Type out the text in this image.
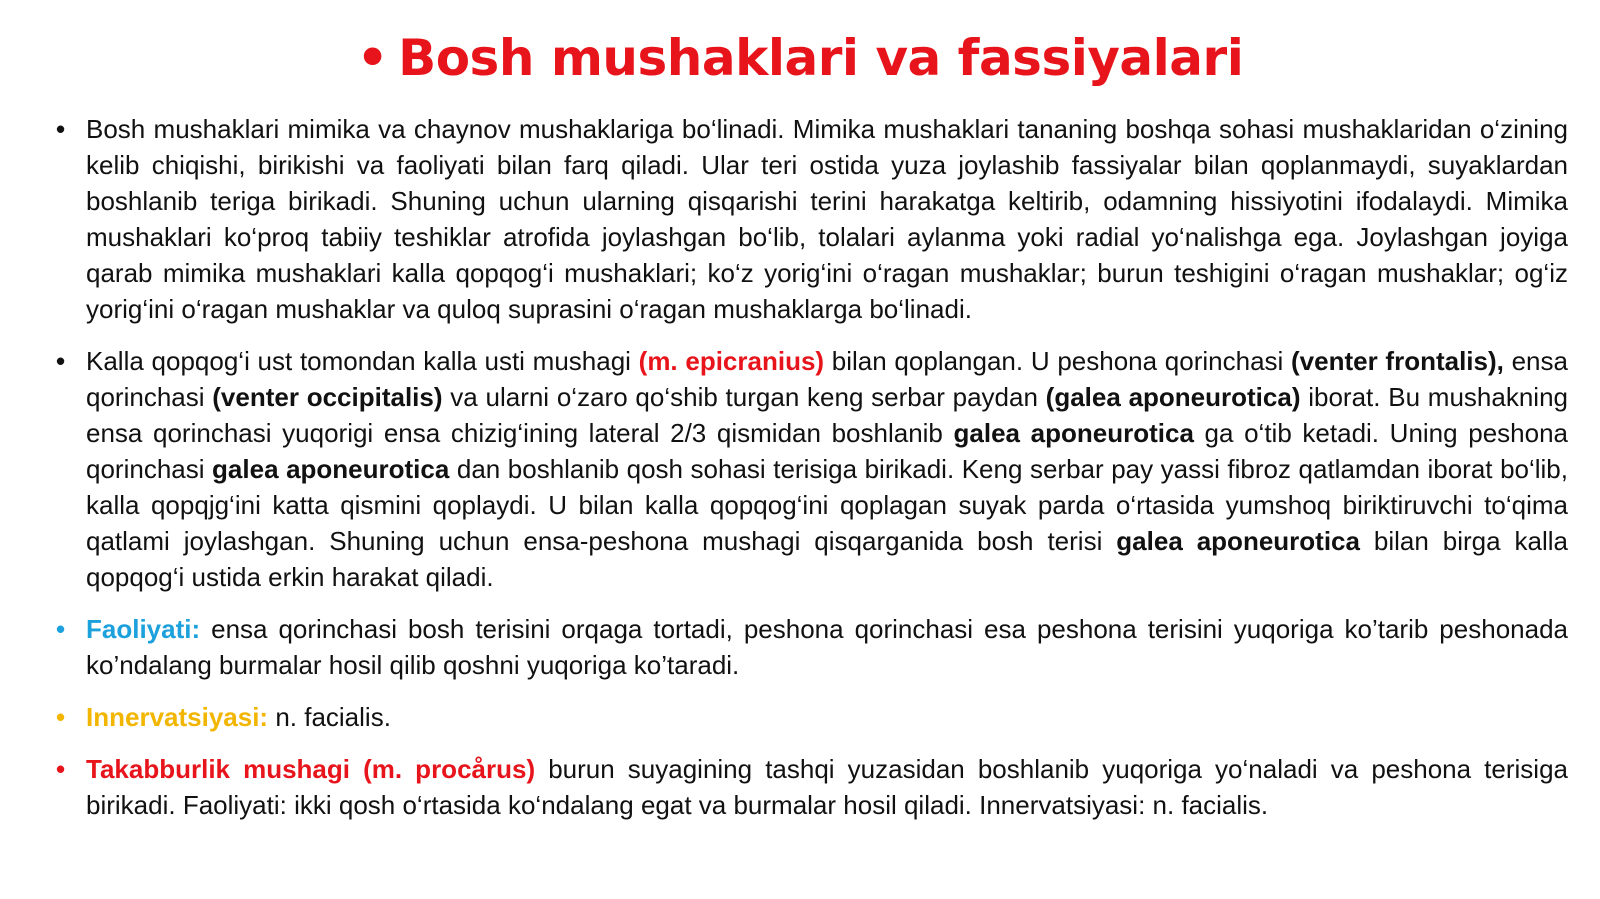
• Bosh mushaklari va fassiyalari
• Bosh mushaklari mimika va chaynov mushaklariga bo‘linadi. Mimika mushaklari tananing boshqa sohasi mushaklaridan o‘zining kelib chiqishi, birikishi va faoliyati bilan farq qiladi. Ular teri ostida yuza joylashib fassiyalar bilan qoplanmaydi, suyaklardan boshlanib teriga birikadi. Shuning uchun ularning qisqarishi terini harakatga keltirib, odamning hissiyotini ifodalaydi. Mimika mushaklari ko‘proq tabiiy teshiklar atrofida joylashgan bo‘lib, tolalari aylanma yoki radial yo‘nalishga ega. Joylashgan joyiga qarab mimika mushaklari kalla qopqog‘i mushaklari; ko‘z yorig‘ini o‘ragan mushaklar; burun teshigini o‘ragan mushaklar; og‘iz yorig‘ini o‘ragan mushaklar va quloq suprasini o‘ragan mushaklarga bo‘linadi.
• Kalla qopqog‘i ust tomondan kalla usti mushagi (m. epicranius) bilan qoplangan. U peshona qorinchasi (venter frontalis), ensa qorinchasi (venter occipitalis) va ularni o‘zaro qo‘shib turgan keng serbar paydan (galea aponeurotica) iborat. Bu mushakning ensa qorinchasi yuqorigi ensa chizig‘ining lateral 2/3 qismidan boshlanib galea aponeurotica ga o‘tib ketadi. Uning peshona qorinchasi galea aponeurotica dan boshlanib qosh sohasi terisiga birikadi. Keng serbar pay yassi fibroz qatlamdan iborat bo‘lib, kalla qopqjg‘ini katta qismini qoplaydi. U bilan kalla qopqog‘ini qoplagan suyak parda o‘rtasida yumshoq biriktiruvchi to‘qima qatlami joylashgan. Shuning uchun ensa-peshona mushagi qisqarganida bosh terisi galea aponeurotica bilan birga kalla qopqog‘i ustida erkin harakat qiladi.
• Faoliyati: ensa qorinchasi bosh terisini orqaga tortadi, peshona qorinchasi esa peshona terisini yuqoriga ko’tarib peshonada ko’ndalang burmalar hosil qilib qoshni yuqoriga ko’taradi.
• Innervatsiyasi: n. facialis.
• Takabburlik mushagi (m. procårus) burun suyagining tashqi yuzasidan boshlanib yuqoriga yo‘naladi va peshona terisiga birikadi. Faoliyati: ikki qosh o‘rtasida ko‘ndalang egat va burmalar hosil qiladi. Innervatsiyasi: n. facialis.
